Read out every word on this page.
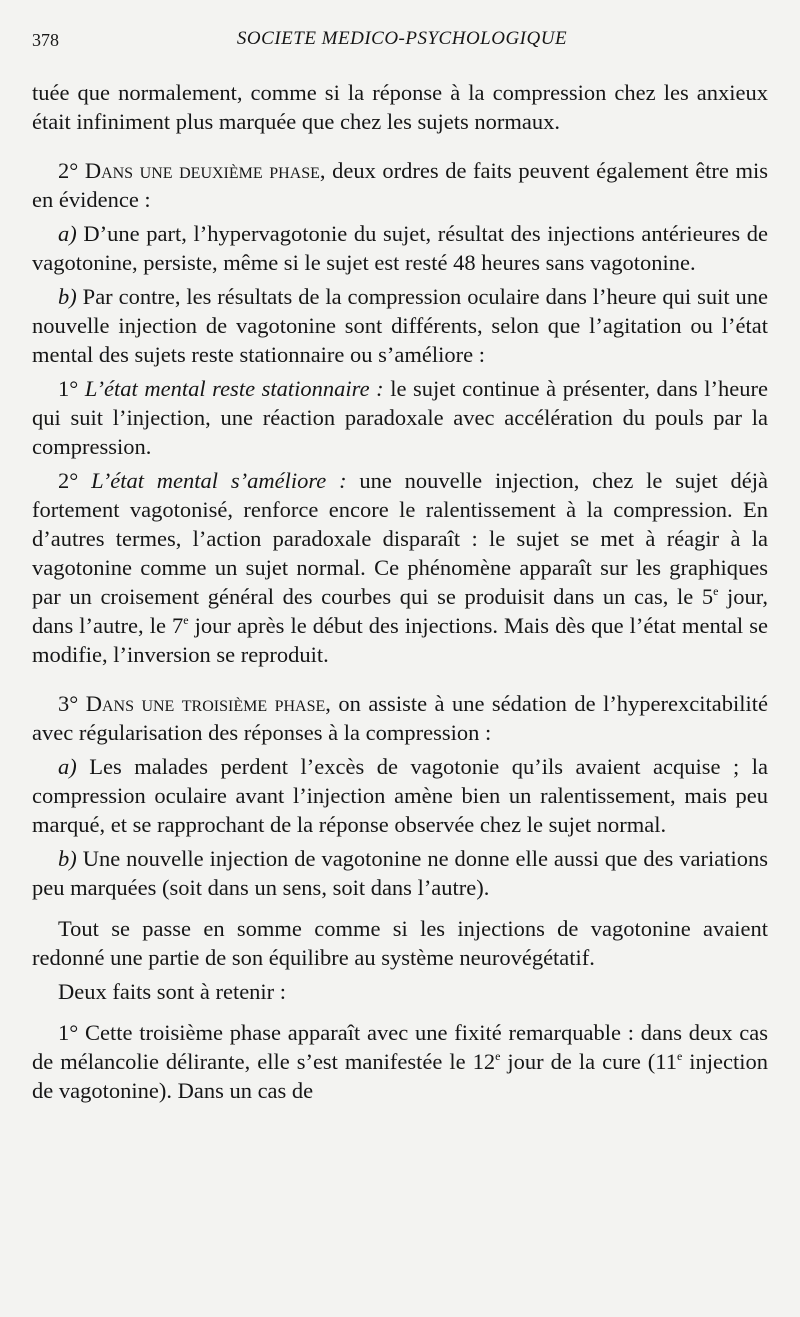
378	SOCIETE MEDICO-PSYCHOLOGIQUE

tuée que normalement, comme si la réponse à la compression chez les anxieux était infiniment plus marquée que chez les sujets normaux.

2° Dans une deuxième phase, deux ordres de faits peuvent également être mis en évidence :

a) D’une part, l’hypervagotonie du sujet, résultat des injections antérieures de vagotonine, persiste, même si le sujet est resté 48 heures sans vagotonine.

b) Par contre, les résultats de la compression oculaire dans l’heure qui suit une nouvelle injection de vagotonine sont différents, selon que l’agitation ou l’état mental des sujets reste stationnaire ou s’améliore :

1° L’état mental reste stationnaire : le sujet continue à présenter, dans l’heure qui suit l’injection, une réaction paradoxale avec accélération du pouls par la compression.

2° L’état mental s’améliore : une nouvelle injection, chez le sujet déjà fortement vagotonisé, renforce encore le ralentissement à la compression. En d’autres termes, l’action paradoxale disparaît : le sujet se met à réagir à la vagotonine comme un sujet normal. Ce phénomène apparaît sur les graphiques par un croisement général des courbes qui se produisit dans un cas, le 5e jour, dans l’autre, le 7e jour après le début des injections. Mais dès que l’état mental se modifie, l’inversion se reproduit.

3° Dans une troisième phase, on assiste à une sédation de l’hyperexcitabilité avec régularisation des réponses à la compression :

a) Les malades perdent l’excès de vagotonie qu’ils avaient acquise ; la compression oculaire avant l’injection amène bien un ralentissement, mais peu marqué, et se rapprochant de la réponse observée chez le sujet normal.

b) Une nouvelle injection de vagotonine ne donne elle aussi que des variations peu marquées (soit dans un sens, soit dans l’autre).

Tout se passe en somme comme si les injections de vagotonine avaient redonné une partie de son équilibre au système neurovégétatif.

Deux faits sont à retenir :

1° Cette troisième phase apparaît avec une fixité remarquable : dans deux cas de mélancolie délirante, elle s’est manifestée le 12e jour de la cure (11e injection de vagotonine). Dans un cas de
